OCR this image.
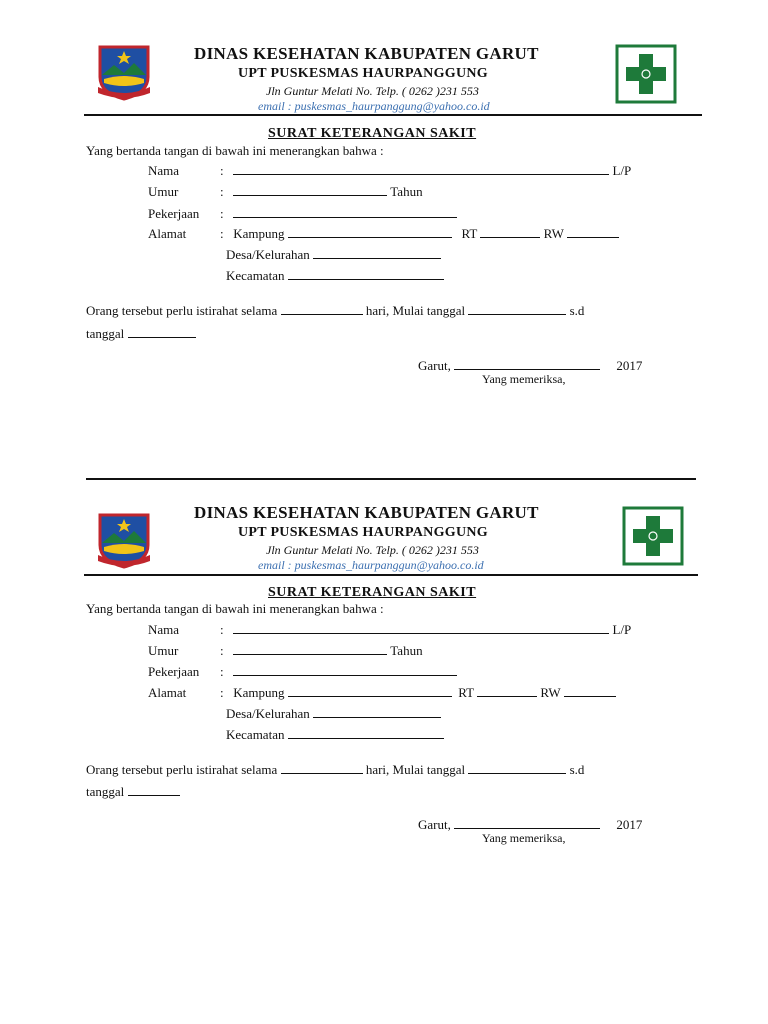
DINAS KESEHATAN KABUPATEN GARUT
UPT PUSKESMAS HAURPANGGUNG
Jln Guntur Melati No. Telp. ( 0262 )231 553
email : puskesmas_haurpanggung@yahoo.co.id
SURAT KETERANGAN SAKIT
Yang bertanda tangan di bawah ini menerangkan bahwa :
Nama	:	L/P
Umur	:	Tahun
Pekerjaan :
Alamat	: Kampung	RT	RW
Desa/Kelurahan
Kecamatan
Orang tersebut perlu istirahat selama	hari, Mulai tanggal	s.d
tanggal
Garut,	2017
Yang memeriksa,
DINAS KESEHATAN KABUPATEN GARUT
UPT PUSKESMAS HAURPANGGUNG
Jln Guntur Melati No. Telp. ( 0262 )231 553
email : puskesmas_haurpanggun@yahoo.co.id
SURAT KETERANGAN SAKIT
Yang bertanda tangan di bawah ini menerangkan bahwa :
Nama	:	L/P
Umur	:	Tahun
Pekerjaan :
Alamat	: Kampung	RT	RW
Desa/Kelurahan
Kecamatan
Orang tersebut perlu istirahat selama	hari, Mulai tanggal	s.d
tanggal
Garut,	2017
Yang memeriksa,
